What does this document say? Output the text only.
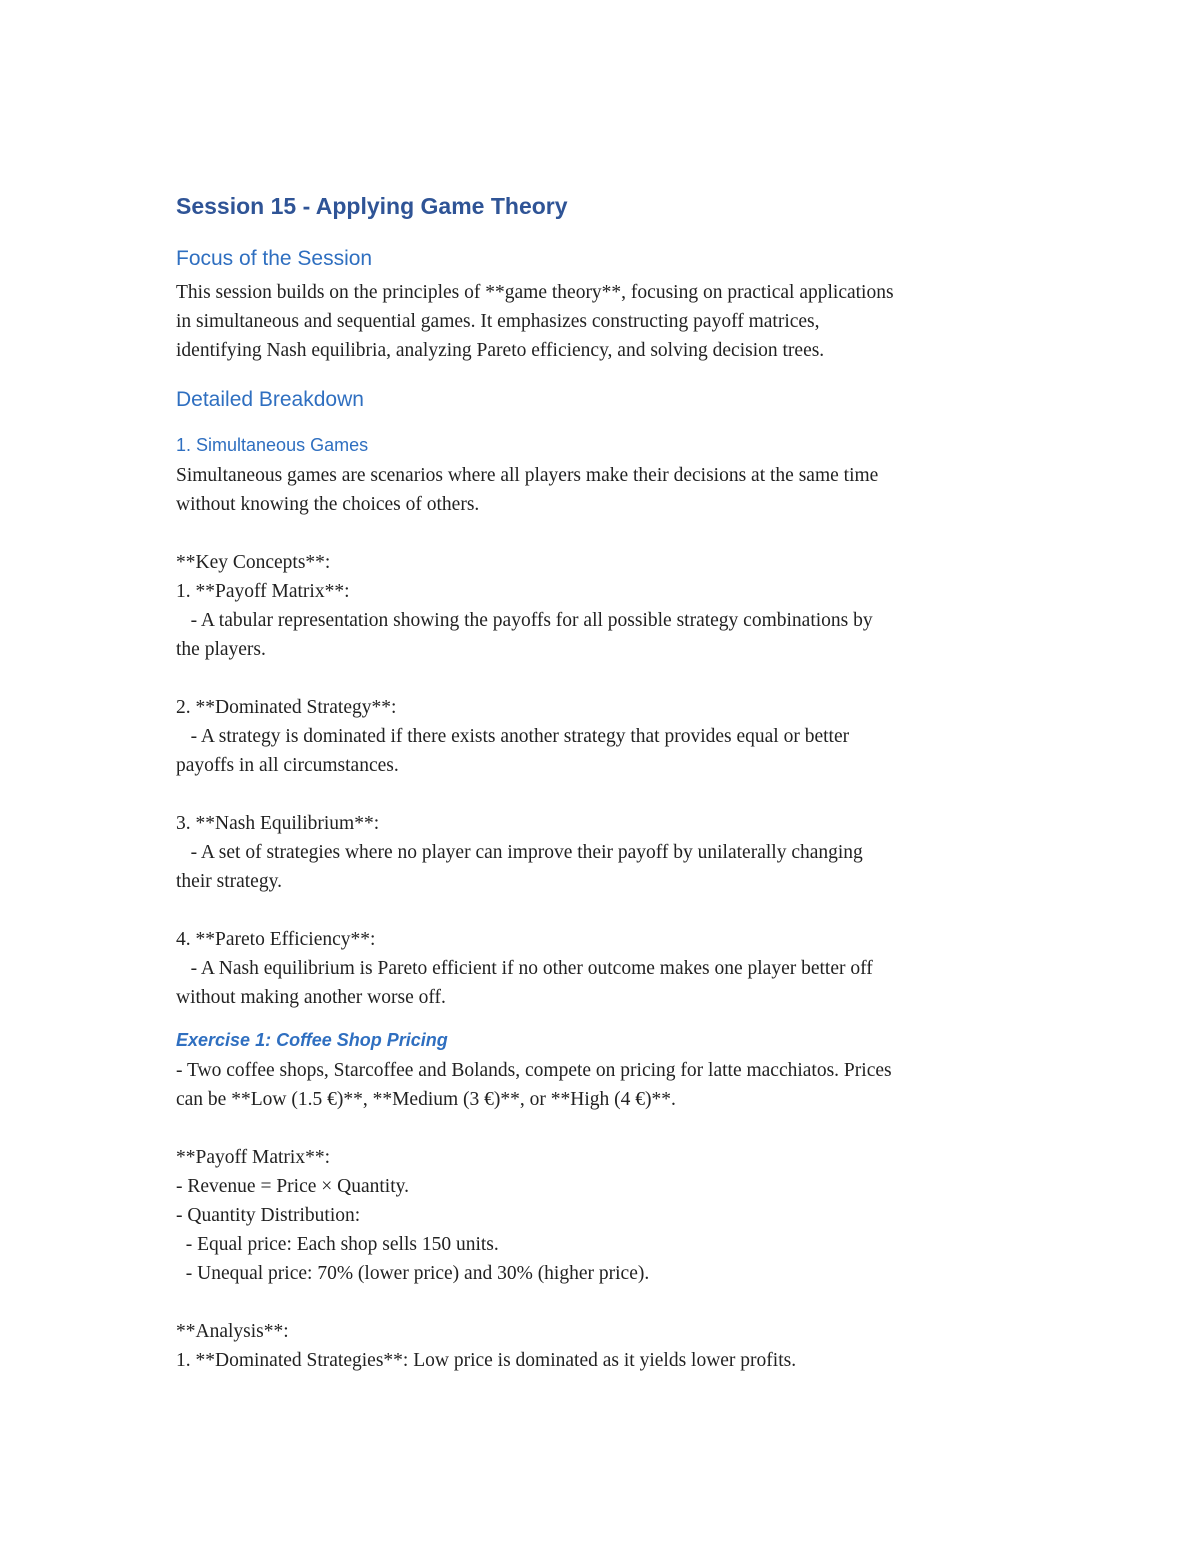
Session 15 - Applying Game Theory
Focus of the Session

This session builds on the principles of **game theory**, focusing on practical applications

in simultaneous and sequential games. It emphasizes constructing payoff matrices,

identifying Nash equilibria, analyzing Pareto efficiency, and solving decision trees.

Detailed Breakdown
1. Simultaneous Games

Simultaneous games are scenarios where all players make their decisions at the same time

without knowing the choices of others.

**Key Concepts**:

1. **Payoff Matrix**:

- A tabular representation showing the payoffs for all possible strategy combinations by

the players.

2. **Dominated Strategy**:

- A strategy is dominated if there exists another strategy that provides equal or better

payoffs in all circumstances.

3. **Nash Equilibrium**:

- A set of strategies where no player can improve their payoff by unilaterally changing

their strategy.

4. **Pareto Efficiency**:

- A Nash equilibrium is Pareto efficient if no other outcome makes one player better off

without making another worse off.

Exercise 1: Coffee Shop Pricing

- Two coffee shops, Starcoffee and Bolands, compete on pricing for latte macchiatos. Prices

can be **Low (1.5 €)**, **Medium (3 €)**, or **High (4 €)**.

**Payoff Matrix**:

- Revenue = Price × Quantity.

- Quantity Distribution:

- Equal price: Each shop sells 150 units.

- Unequal price: 70% (lower price) and 30% (higher price).

**Analysis**:

1. **Dominated Strategies**: Low price is dominated as it yields lower profits.
